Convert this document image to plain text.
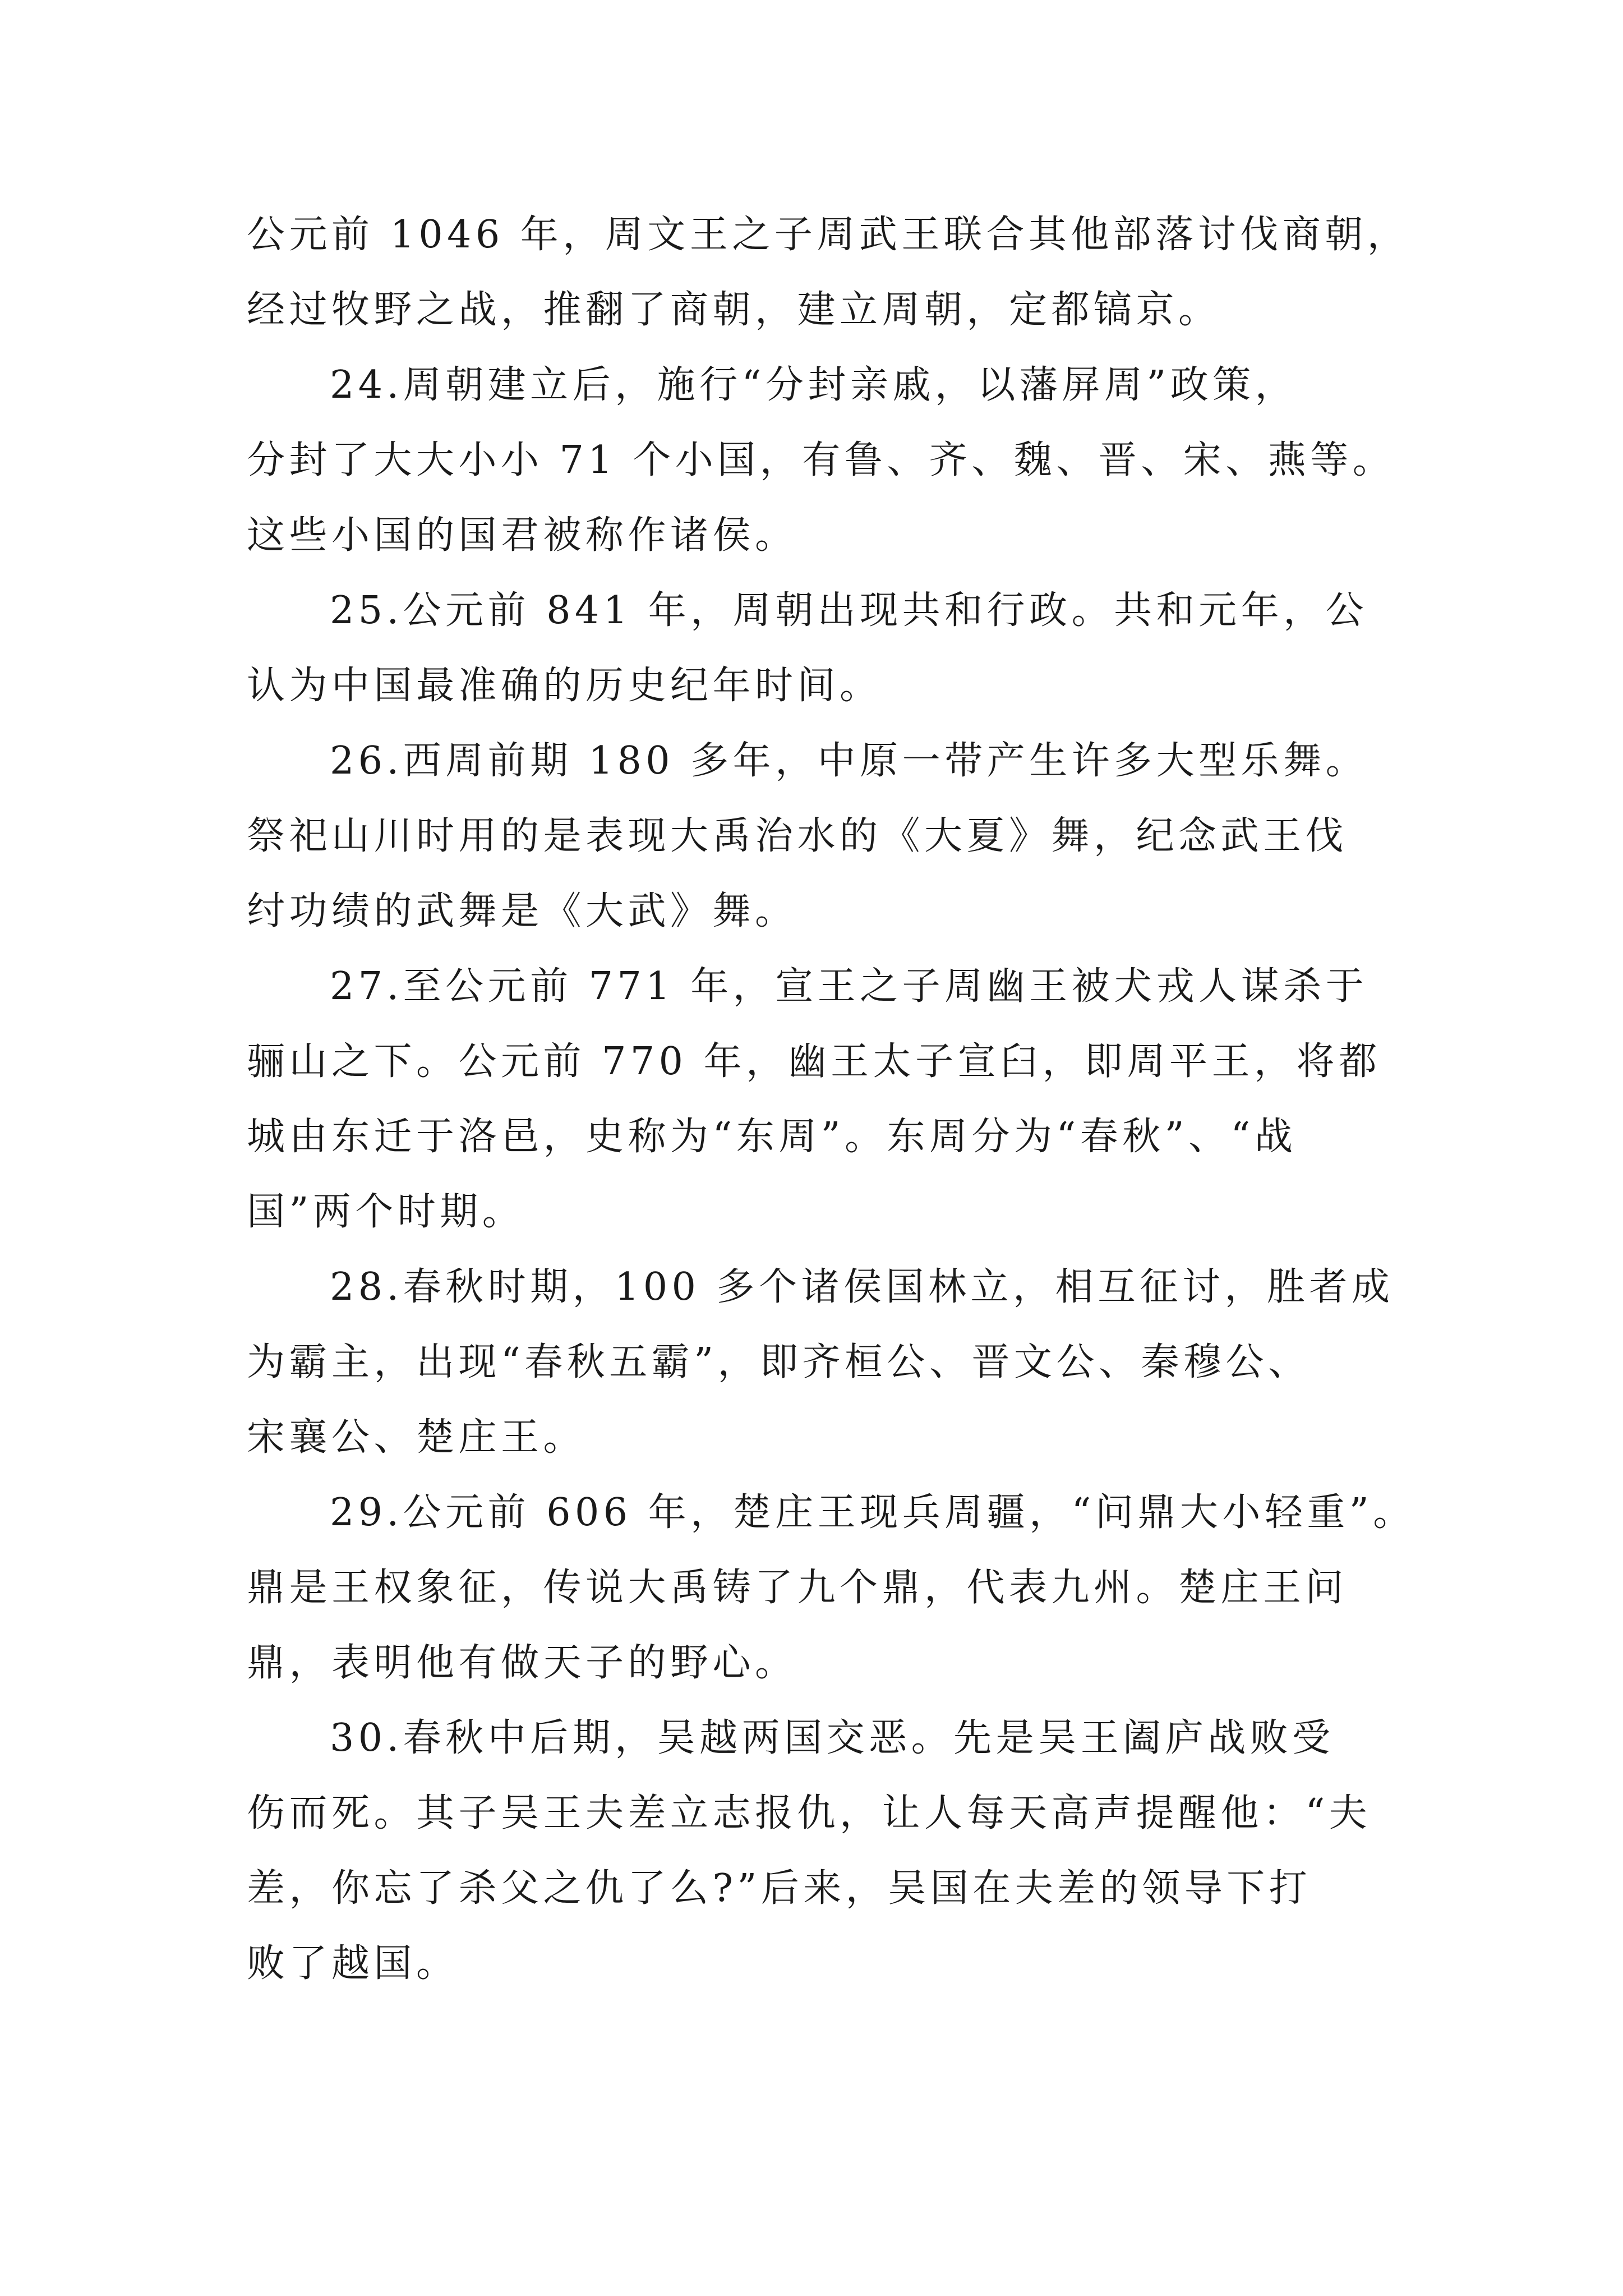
公元前 1046 年，周文王之子周武王联合其他部落讨伐商朝，
经过牧野之战，推翻了商朝，建立周朝，定都镐京。
24.周朝建立后，施行“分封亲戚，以藩屏周”政策，
分封了大大小小 71 个小国，有鲁、齐、魏、晋、宋、燕等。
这些小国的国君被称作诸侯。
25.公元前 841 年，周朝出现共和行政。共和元年，公
认为中国最准确的历史纪年时间。
26.西周前期 180 多年，中原一带产生许多大型乐舞。
祭祀山川时用的是表现大禹治水的《大夏》舞，纪念武王伐
纣功绩的武舞是《大武》舞。
27.至公元前 771 年，宣王之子周幽王被犬戎人谋杀于
骊山之下。公元前 770 年，幽王太子宣臼，即周平王，将都
城由东迁于洛邑，史称为“东周”。东周分为“春秋”、“战
国”两个时期。
28.春秋时期，100 多个诸侯国林立，相互征讨，胜者成
为霸主，出现“春秋五霸”，即齐桓公、晋文公、秦穆公、
宋襄公、楚庄王。
29.公元前 606 年，楚庄王现兵周疆，“问鼎大小轻重”。
鼎是王权象征，传说大禹铸了九个鼎，代表九州。楚庄王问
鼎，表明他有做天子的野心。
30.春秋中后期，吴越两国交恶。先是吴王阖庐战败受
伤而死。其子吴王夫差立志报仇，让人每天高声提醒他：“夫
差，你忘了杀父之仇了么?”后来，吴国在夫差的领导下打
败了越国。
